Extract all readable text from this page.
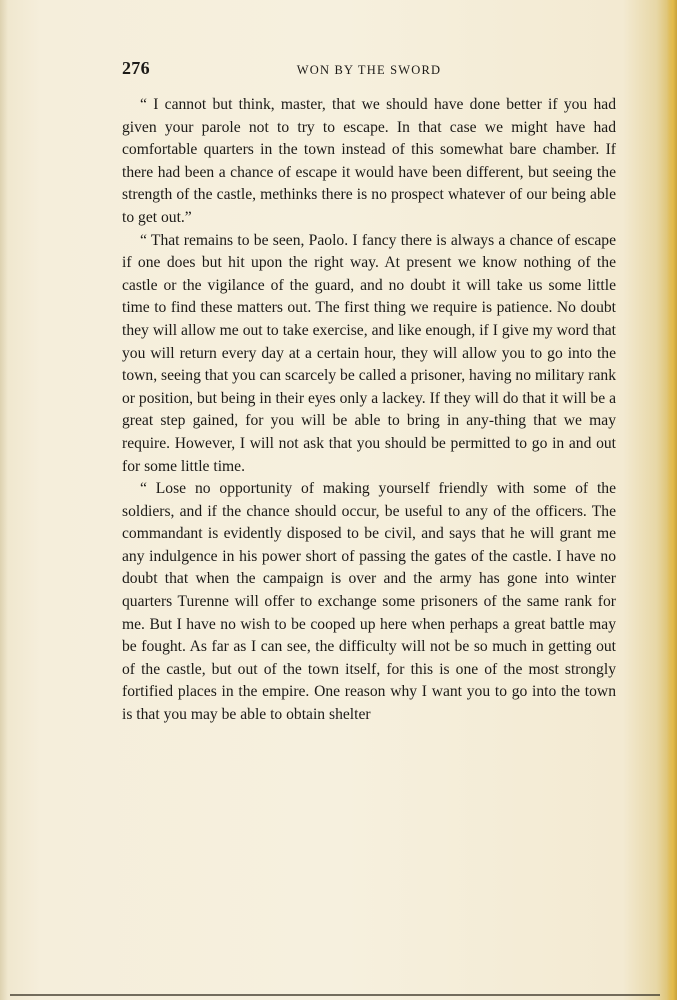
276	WON BY THE SWORD

“ I cannot but think, master, that we should have done better if you had given your parole not to try to escape. In that case we might have had comfortable quarters in the town instead of this somewhat bare chamber. If there had been a chance of escape it would have been different, but seeing the strength of the castle, methinks there is no prospect whatever of our being able to get out.”

“ That remains to be seen, Paolo. I fancy there is always a chance of escape if one does but hit upon the right way. At present we know nothing of the castle or the vigilance of the guard, and no doubt it will take us some little time to find these matters out. The first thing we require is patience. No doubt they will allow me out to take exercise, and like enough, if I give my word that you will return every day at a certain hour, they will allow you to go into the town, seeing that you can scarcely be called a prisoner, having no military rank or position, but being in their eyes only a lackey. If they will do that it will be a great step gained, for you will be able to bring in any-thing that we may require. However, I will not ask that you should be permitted to go in and out for some little time.

“ Lose no opportunity of making yourself friendly with some of the soldiers, and if the chance should occur, be useful to any of the officers. The commandant is evidently disposed to be civil, and says that he will grant me any indulgence in his power short of passing the gates of the castle. I have no doubt that when the campaign is over and the army has gone into winter quarters Turenne will offer to exchange some prisoners of the same rank for me. But I have no wish to be cooped up here when perhaps a great battle may be fought. As far as I can see, the difficulty will not be so much in getting out of the castle, but out of the town itself, for this is one of the most strongly fortified places in the empire. One reason why I want you to go into the town is that you may be able to obtain shelter
